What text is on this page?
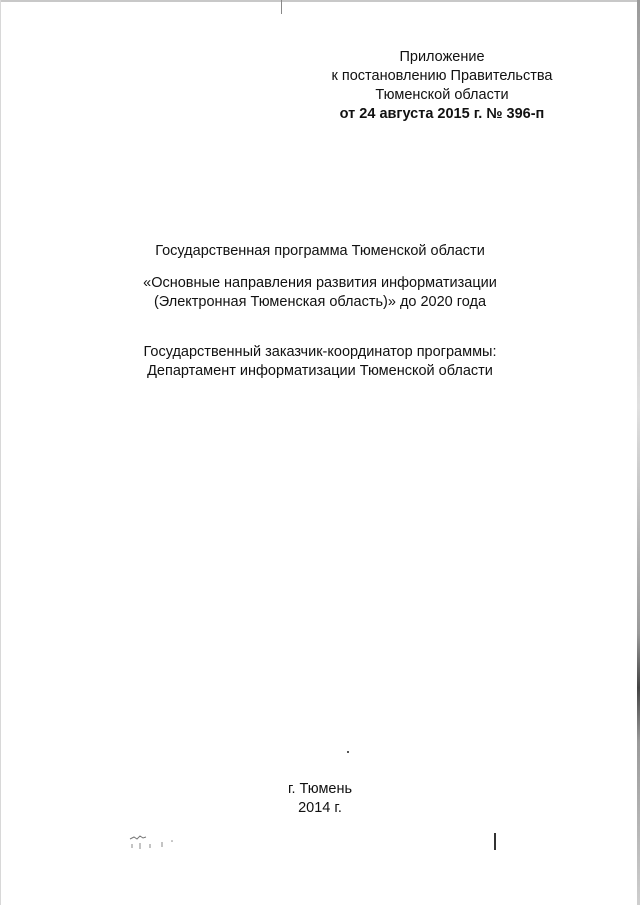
Приложение
к постановлению Правительства
Тюменской области
от 24 августа 2015 г. № 396-п
Государственная программа Тюменской области
«Основные направления развития информатизации
(Электронная Тюменская область)» до 2020 года
Государственный заказчик-координатор программы:
Департамент информатизации Тюменской области
г. Тюмень
2014 г.
